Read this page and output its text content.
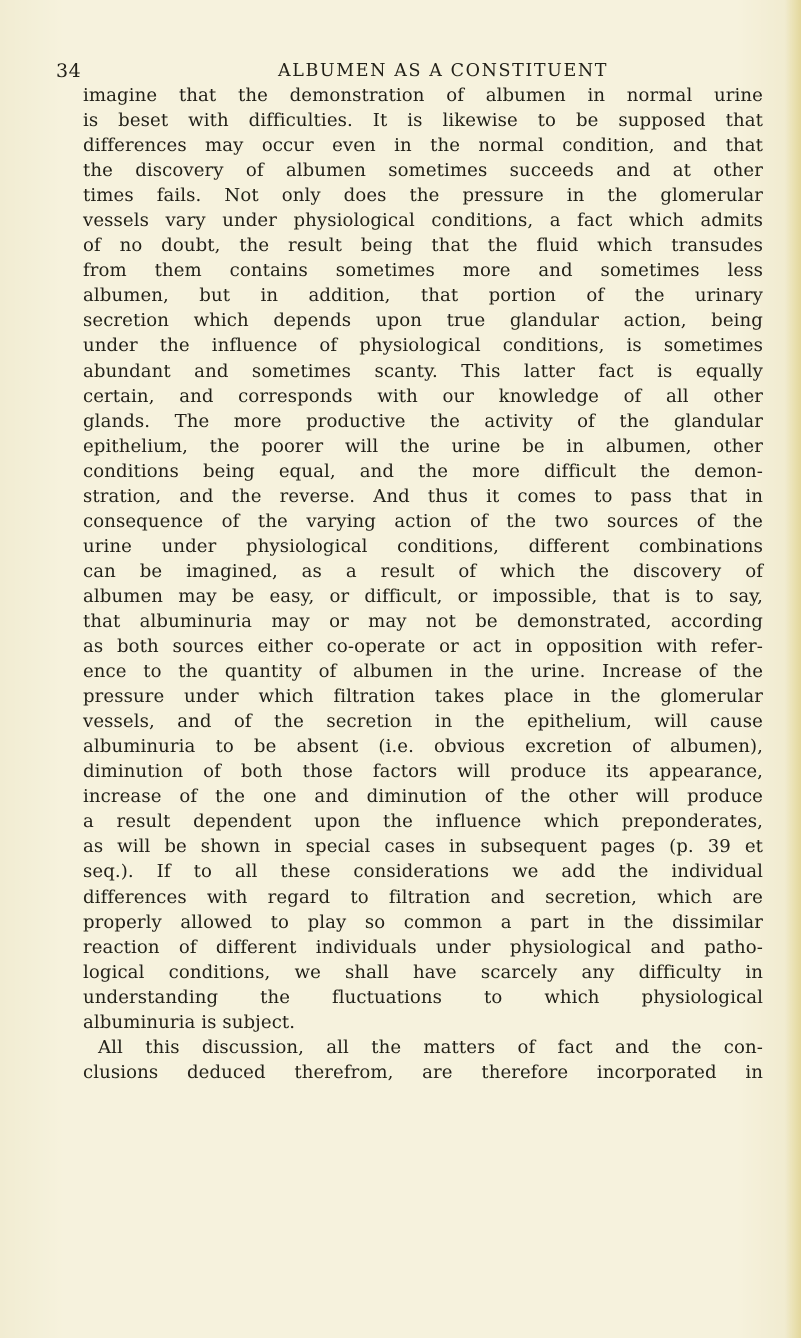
34	ALBUMEN AS A CONSTITUENT
imagine that the demonstration of albumen in normal urine
is beset with difficulties. It is likewise to be supposed that
differences may occur even in the normal condition, and that
the discovery of albumen sometimes succeeds and at other
times fails. Not only does the pressure in the glomerular
vessels vary under physiological conditions, a fact which admits
of no doubt, the result being that the fluid which transudes
from them contains sometimes more and sometimes less
albumen, but in addition, that portion of the urinary
secretion which depends upon true glandular action, being
under the influence of physiological conditions, is sometimes
abundant and sometimes scanty. This latter fact is equally
certain, and corresponds with our knowledge of all other
glands. The more productive the activity of the glandular
epithelium, the poorer will the urine be in albumen, other
conditions being equal, and the more difficult the demon-
stration, and the reverse. And thus it comes to pass that in
consequence of the varying action of the two sources of the
urine under physiological conditions, different combinations
can be imagined, as a result of which the discovery of
albumen may be easy, or difficult, or impossible, that is to say,
that albuminuria may or may not be demonstrated, according
as both sources either co-operate or act in opposition with refer-
ence to the quantity of albumen in the urine. Increase of the
pressure under which filtration takes place in the glomerular
vessels, and of the secretion in the epithelium, will cause
albuminuria to be absent (i.e. obvious excretion of albumen),
diminution of both those factors will produce its appearance,
increase of the one and diminution of the other will produce
a result dependent upon the influence which preponderates,
as will be shown in special cases in subsequent pages (p. 39 et
seq.). If to all these considerations we add the individual
differences with regard to filtration and secretion, which are
properly allowed to play so common a part in the dissimilar
reaction of different individuals under physiological and patho-
logical conditions, we shall have scarcely any difficulty in
understanding the fluctuations to which physiological
albuminuria is subject.
All this discussion, all the matters of fact and the con-
clusions deduced therefrom, are therefore incorporated in
